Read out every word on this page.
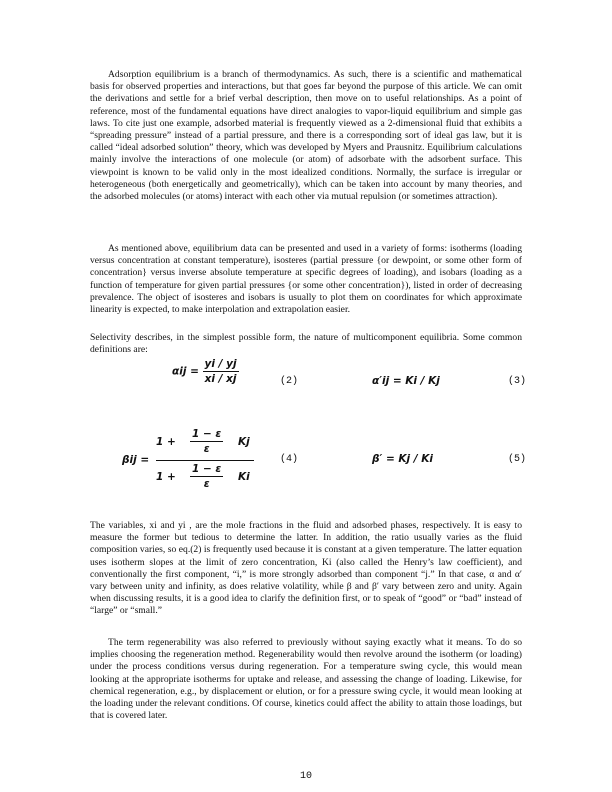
Adsorption equilibrium is a branch of thermodynamics. As such, there is a scientific and mathematical basis for observed properties and interactions, but that goes far beyond the purpose of this article. We can omit the derivations and settle for a brief verbal description, then move on to useful relationships. As a point of reference, most of the fundamental equations have direct analogies to vapor-liquid equilibrium and simple gas laws. To cite just one example, adsorbed material is frequently viewed as a 2-dimensional fluid that exhibits a “spreading pressure” instead of a partial pressure, and there is a corresponding sort of ideal gas law, but it is called “ideal adsorbed solution” theory, which was developed by Myers and Prausnitz. Equilibrium calculations mainly involve the interactions of one molecule (or atom) of adsorbate with the adsorbent surface. This viewpoint is known to be valid only in the most idealized conditions. Normally, the surface is irregular or heterogeneous (both energetically and geometrically), which can be taken into account by many theories, and the adsorbed molecules (or atoms) interact with each other via mutual repulsion (or sometimes attraction).

As mentioned above, equilibrium data can be presented and used in a variety of forms: isotherms (loading versus concentration at constant temperature), isosteres (partial pressure {or dewpoint, or some other form of concentration} versus inverse absolute temperature at specific degrees of loading), and isobars (loading as a function of temperature for given partial pressures {or some other concentration}), listed in order of decreasing prevalence. The object of isosteres and isobars is usually to plot them on coordinates for which approximate linearity is expected, to make interpolation and extrapolation easier.

Selectivity describes, in the simplest possible form, the nature of multicomponent equilibria. Some common definitions are:

$\alpha ij = \frac{yi / yj}{xi / xj}$	(2)	α′ij = Ki / Kj	(3)
βij =
$1 + \frac{1 - \varepsilon}{\varepsilon}$ Kj
$1 + \frac{1 - \varepsilon}{\varepsilon}$ Ki
(4)	β′ = Kj / Ki	(5)

The variables, xi and yi , are the mole fractions in the fluid and adsorbed phases, respectively. It is easy to measure the former but tedious to determine the latter. In addition, the ratio usually varies as the fluid composition varies, so eq.(2) is frequently used because it is constant at a given temperature. The latter equation uses isotherm slopes at the limit of zero concentration, Ki (also called the Henry’s law coefficient), and conventionally the first component, “i,” is more strongly adsorbed than component “j.” In that case, α and α′ vary between unity and infinity, as does relative volatility, while β and β′ vary between zero and unity. Again when discussing results, it is a good idea to clarify the definition first, or to speak of “good” or “bad” instead of “large” or “small.”

The term regenerability was also referred to previously without saying exactly what it means. To do so implies choosing the regeneration method. Regenerability would then revolve around the isotherm (or loading) under the process conditions versus during regeneration. For a temperature swing cycle, this would mean looking at the appropriate isotherms for uptake and release, and assessing the change of loading. Likewise, for chemical regeneration, e.g., by displacement or elution, or for a pressure swing cycle, it would mean looking at the loading under the relevant conditions. Of course, kinetics could affect the ability to attain those loadings, but that is covered later.

10
